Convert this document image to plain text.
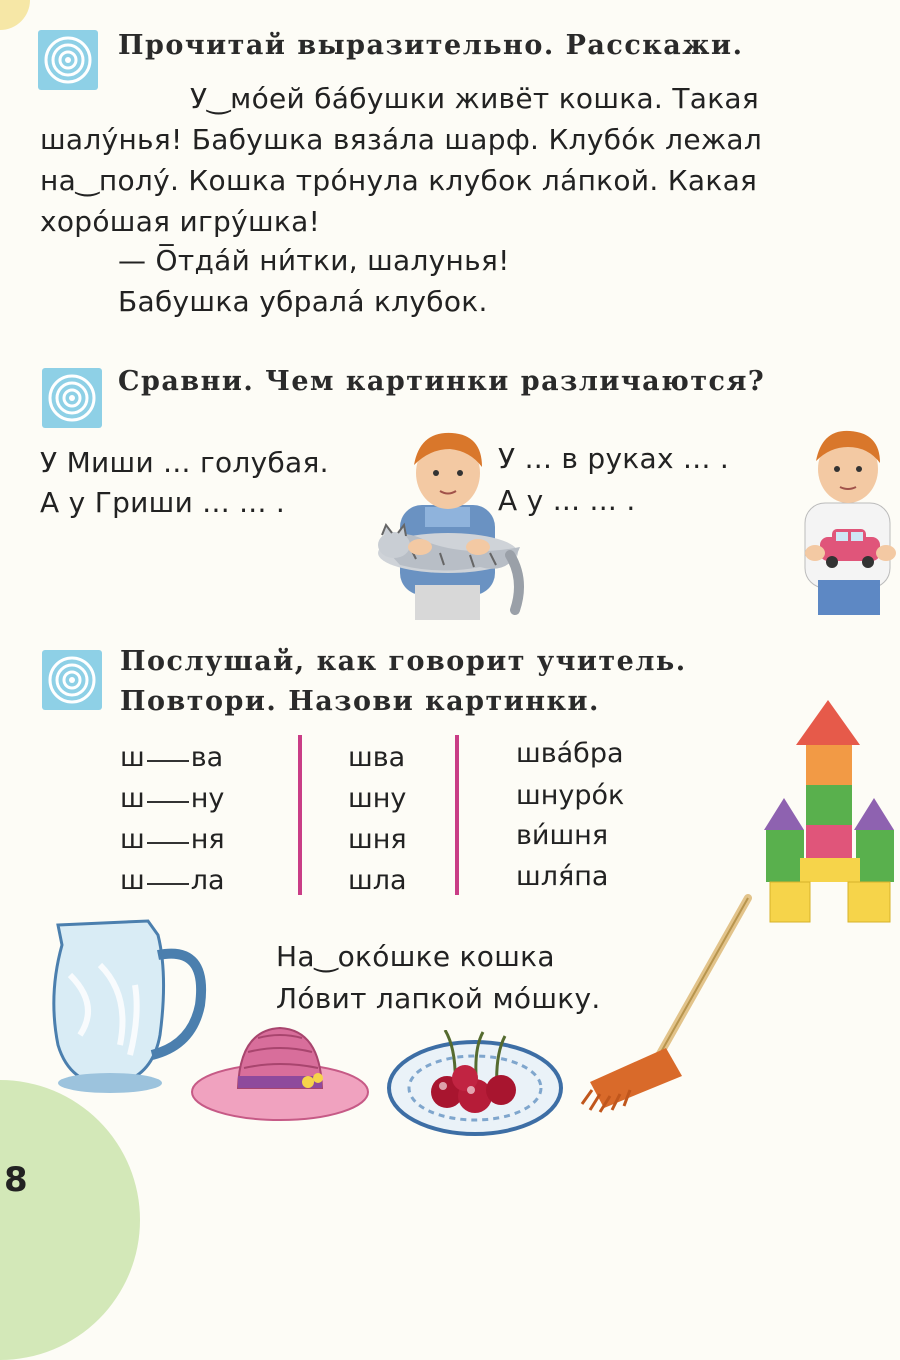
Прочитай выразительно. Расскажи.
У‿мо́ей ба́бушки живёт кошка. Такая
шалу́нья! Бабушка вяза́ла шарф. Клубо́к лежал
на‿полу́. Кошка тро́нула клубок ла́пкой. Какая
хоро́шая игру́шка!
— О̅тда́й ни́тки, шалунья!
Бабушка убрала́ клубок.
Сравни. Чем картинки различаются?
У Миши ... голубая.
А у Гриши ... ... .
У ... в руках ... .
А у ... ... .
Послушай, как говорит учитель.
Повтори. Назови картинки.
ш ва
ш ну
ш ня
ш ла
шва
шну
шня
шла
шва́бра
шнуро́к
ви́шня
шля́па
На‿око́шке кошка
Ло́вит лапкой мо́шку.
8
